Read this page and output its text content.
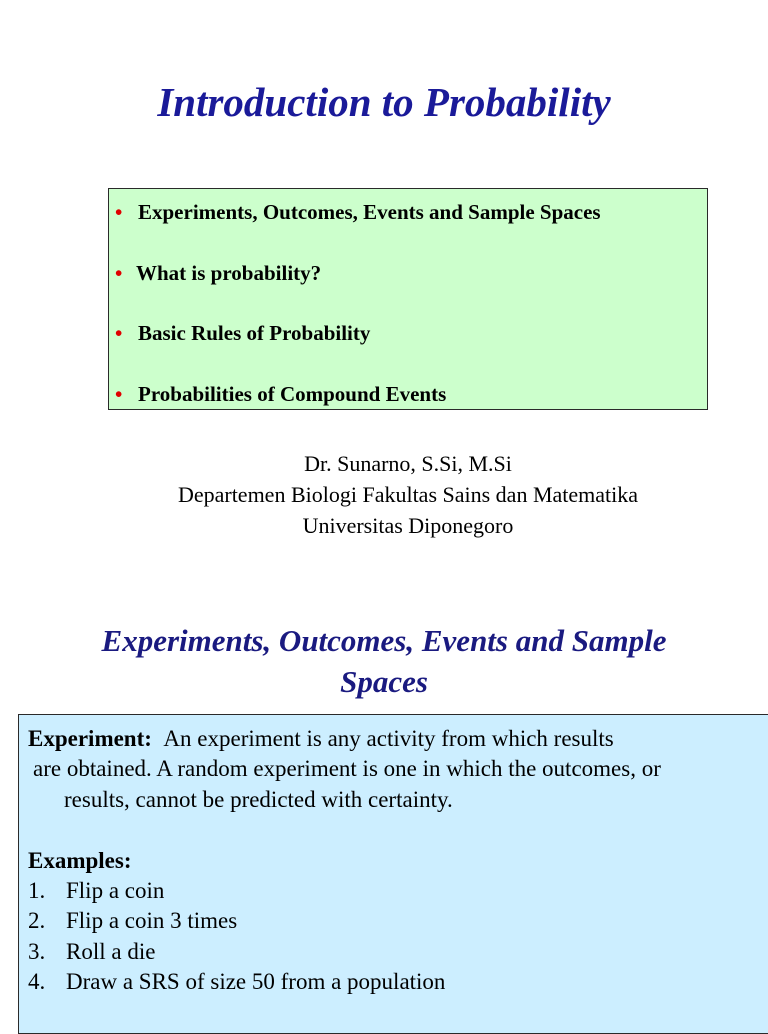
Introduction to Probability
• Experiments, Outcomes, Events and Sample Spaces
• What is probability?
• Basic Rules of Probability
• Probabilities of Compound Events
Dr. Sunarno, S.Si, M.Si
Departemen Biologi Fakultas Sains dan Matematika
Universitas Diponegoro
Experiments, Outcomes, Events and Sample
Spaces
Experiment: An experiment is any activity from which results
are obtained. A random experiment is one in which the outcomes, or
results, cannot be predicted with certainty.
Examples:
1. Flip a coin
2. Flip a coin 3 times
3. Roll a die
4. Draw a SRS of size 50 from a population
